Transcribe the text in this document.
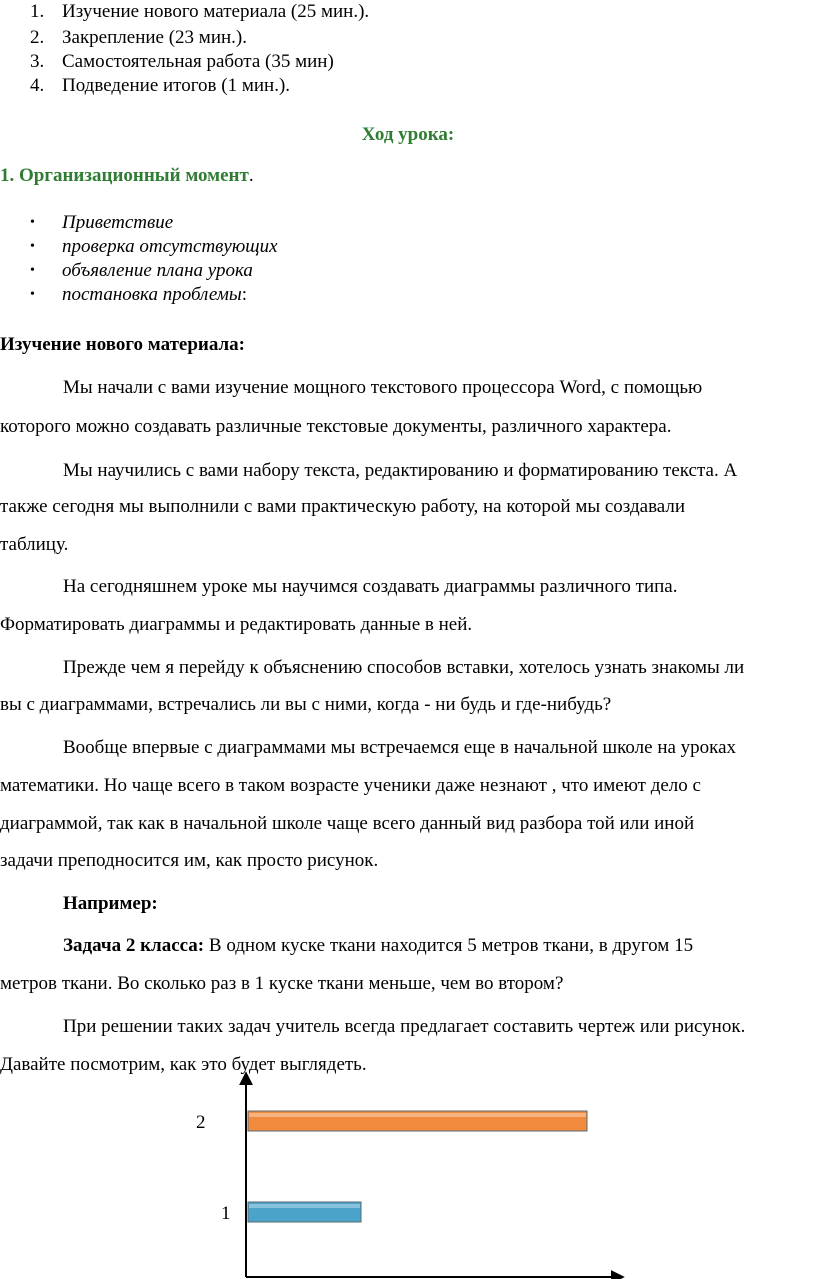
1. Изучение нового материала (25 мин.).
2. Закрепление (23 мин.).
3. Самостоятельная работа (35 мин)
4. Подведение итогов (1 мин.).
Ход урока:
1. Организационный момент.
• Приветствие
• проверка отсутствующих
• объявление плана урока
• постановка проблемы:
Изучение нового материала:
Мы начали с вами изучение мощного текстового процессора Word, с помощью
которого можно создавать различные текстовые документы, различного характера.
Мы научились с вами набору текста, редактированию и форматированию текста. А
также сегодня мы выполнили с вами практическую работу, на которой мы создавали
таблицу.
На сегодняшнем уроке мы научимся создавать диаграммы различного типа.
Форматировать диаграммы и редактировать данные в ней.
Прежде чем я перейду к объяснению способов вставки, хотелось узнать знакомы ли
вы с диаграммами, встречались ли вы с ними, когда - ни будь и где-нибудь?
Вообще впервые с диаграммами мы встречаемся еще в начальной школе на уроках
математики. Но чаще всего в таком возрасте ученики даже незнают , что имеют дело с
диаграммой, так как в начальной школе чаще всего данный вид разбора той или иной
задачи преподносится им, как просто рисунок.
Например:
Задача 2 класса: В одном куске ткани находится 5 метров ткани, в другом 15
метров ткани. Во сколько раз в 1 куске ткани меньше, чем во втором?
При решении таких задач учитель всегда предлагает составить чертеж или рисунок.
Давайте посмотрим, как это будет выглядеть.
1
2
